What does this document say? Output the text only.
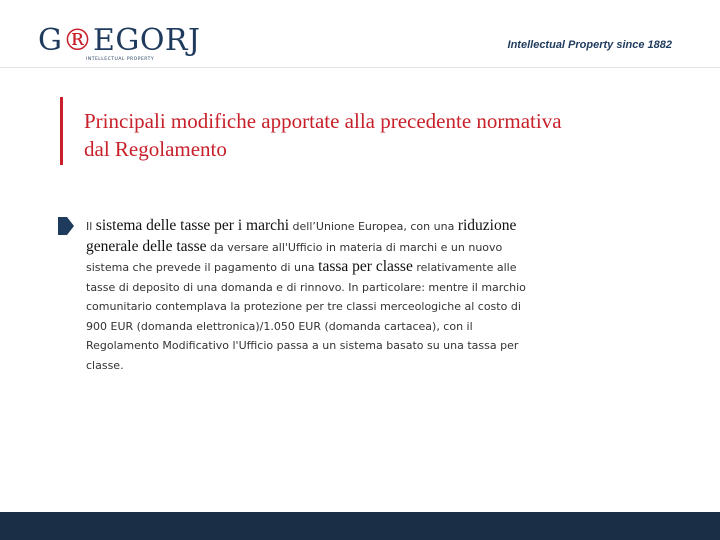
G®EGORJ
INTELLECTUAL PROPERTY
Intellectual Property since 1882
Principali modifiche apportate alla precedente normativa dal Regolamento

Il sistema delle tasse per i marchi dell’Unione Europea, con una riduzione generale delle tasse da versare all'Ufficio in materia di marchi e un nuovo sistema che prevede il pagamento di una tassa per classe relativamente alle tasse di deposito di una domanda e di rinnovo. In particolare: mentre il marchio comunitario contemplava la protezione per tre classi merceologiche al costo di 900 EUR (domanda elettronica)/1.050 EUR (domanda cartacea), con il Regolamento Modificativo l'Ufficio passa a un sistema basato su una tassa per classe.
